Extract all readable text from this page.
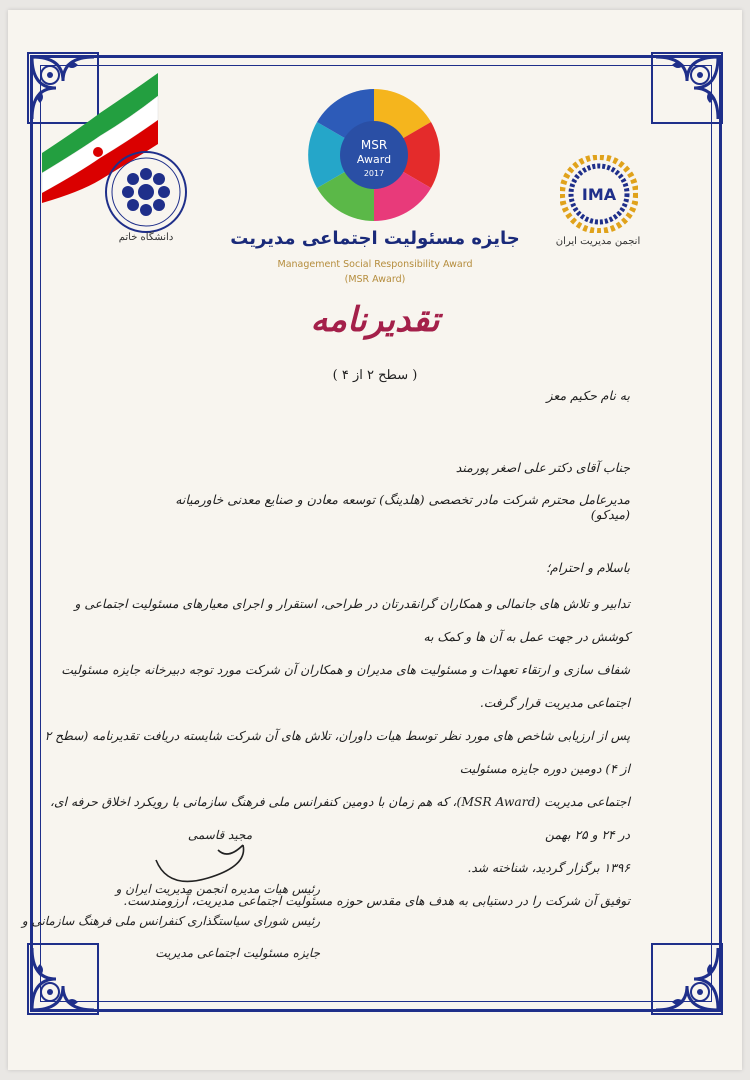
دانشگاه خاتم
IMA
انجمن مدیریت ایران
MSR
Award
2017
جایزه مسئولیت اجتماعی مدیریت
Management Social Responsibility Award
(MSR Award)
تقدیرنامه
( سطح ۲ از ۴ )
به نام حکیم معز
جناب آقای دکتر علی اصغر پورمند
مدیرعامل محترم شرکت مادر تخصصی (هلدینگ) توسعه معادن و صنایع معدنی خاورمیانه (میدکو)
باسلام و احترام؛

تدابیر و تلاش های جانمالی و همکاران گرانقدرتان در طراحی، استقرار و اجرای معیارهای مسئولیت اجتماعی و کوشش در جهت عمل به آن ها و کمک به

شفاف سازی و ارتقاء تعهدات و مسئولیت های مدیران و همکاران آن شرکت مورد توجه دبیرخانه جایزه مسئولیت اجتماعی مدیریت قرار گرفت.

پس از ارزیابی شاخص های مورد نظر توسط هیات داوران، تلاش های آن شرکت شایسته دریافت تقدیرنامه (سطح ۲ از ۴) دومین دوره جایزه مسئولیت

اجتماعی مدیریت (MSR Award)، که هم زمان با دومین کنفرانس ملی فرهنگ سازمانی با رویکرد اخلاق حرفه ای، در ۲۴ و ۲۵ بهمن

۱۳۹۶ برگزار گردید، شناخته شد.

توفیق آن شرکت را در دستیابی به هدف های مقدس حوزه مسئولیت اجتماعی مدیریت، آرزومندست.

مجید قاسمی
رئیس هیات مدیره انجمن مدیریت ایران و
رئیس شورای سیاستگذاری کنفرانس ملی فرهنگ سازمانی و
جایزه مسئولیت اجتماعی مدیریت
